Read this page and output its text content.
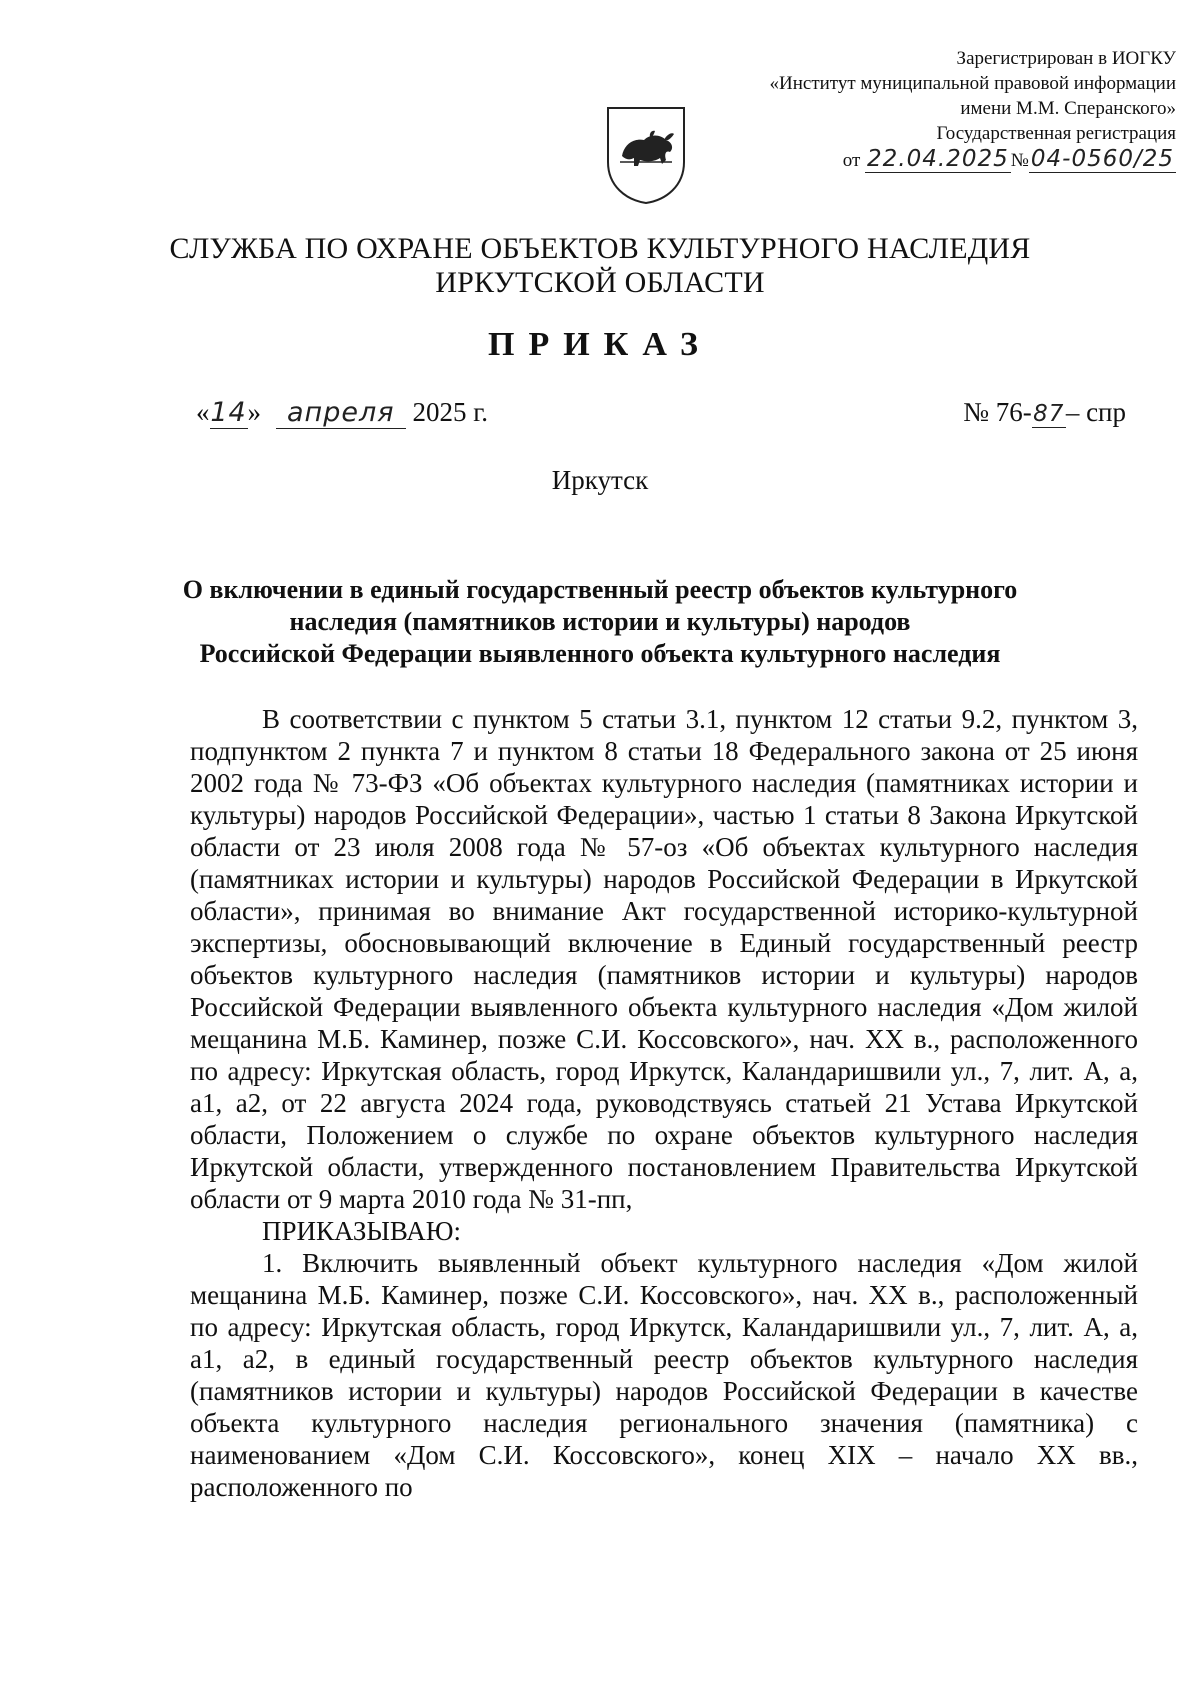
Зарегистрирован в ИОГКУ
«Институт муниципальной правовой информации
имени М.М. Сперанского»
Государственная регистрация
от 22.04.2025 №04-0560/25
СЛУЖБА ПО ОХРАНЕ ОБЪЕКТОВ КУЛЬТУРНОГО НАСЛЕДИЯ
ИРКУТСКОЙ ОБЛАСТИ
ПРИКАЗ
«14» апреля 2025 г.	№ 76-87– спр
Иркутск
О включении в единый государственный реестр объектов культурного
наследия (памятников истории и культуры) народов
Российской Федерации выявленного объекта культурного наследия

В соответствии с пунктом 5 статьи 3.1, пунктом 12 статьи 9.2, пунктом 3, подпунктом 2 пункта 7 и пунктом 8 статьи 18 Федерального закона от 25 июня 2002 года № 73-ФЗ «Об объектах культурного наследия (памятниках истории и культуры) народов Российской Федерации», частью 1 статьи 8 Закона Иркутской области от 23 июля 2008 года № 57-оз «Об объектах культурного наследия (памятниках истории и культуры) народов Российской Федерации в Иркутской области», принимая во внимание Акт государственной историко-культурной экспертизы, обосновывающий включение в Единый государственный реестр объектов культурного наследия (памятников истории и культуры) народов Российской Федерации выявленного объекта культурного наследия «Дом жилой мещанина М.Б. Каминер, позже С.И. Коссовского», нач. XX в., расположенного по адресу: Иркутская область, город Иркутск, Каландаришвили ул., 7, лит. А, а, а1, а2, от 22 августа 2024 года, руководствуясь статьей 21 Устава Иркутской области, Положением о службе по охране объектов культурного наследия Иркутской области, утвержденного постановлением Правительства Иркутской области от 9 марта 2010 года № 31-пп,

ПРИКАЗЫВАЮ:

1. Включить выявленный объект культурного наследия «Дом жилой мещанина М.Б. Каминер, позже С.И. Коссовского», нач. XX в., расположенный по адресу: Иркутская область, город Иркутск, Каландаришвили ул., 7, лит. А, а, а1, а2, в единый государственный реестр объектов культурного наследия (памятников истории и культуры) народов Российской Федерации в качестве объекта культурного наследия регионального значения (памятника) с наименованием «Дом С.И. Коссовского», конец XIX – начало XX вв., расположенного по
